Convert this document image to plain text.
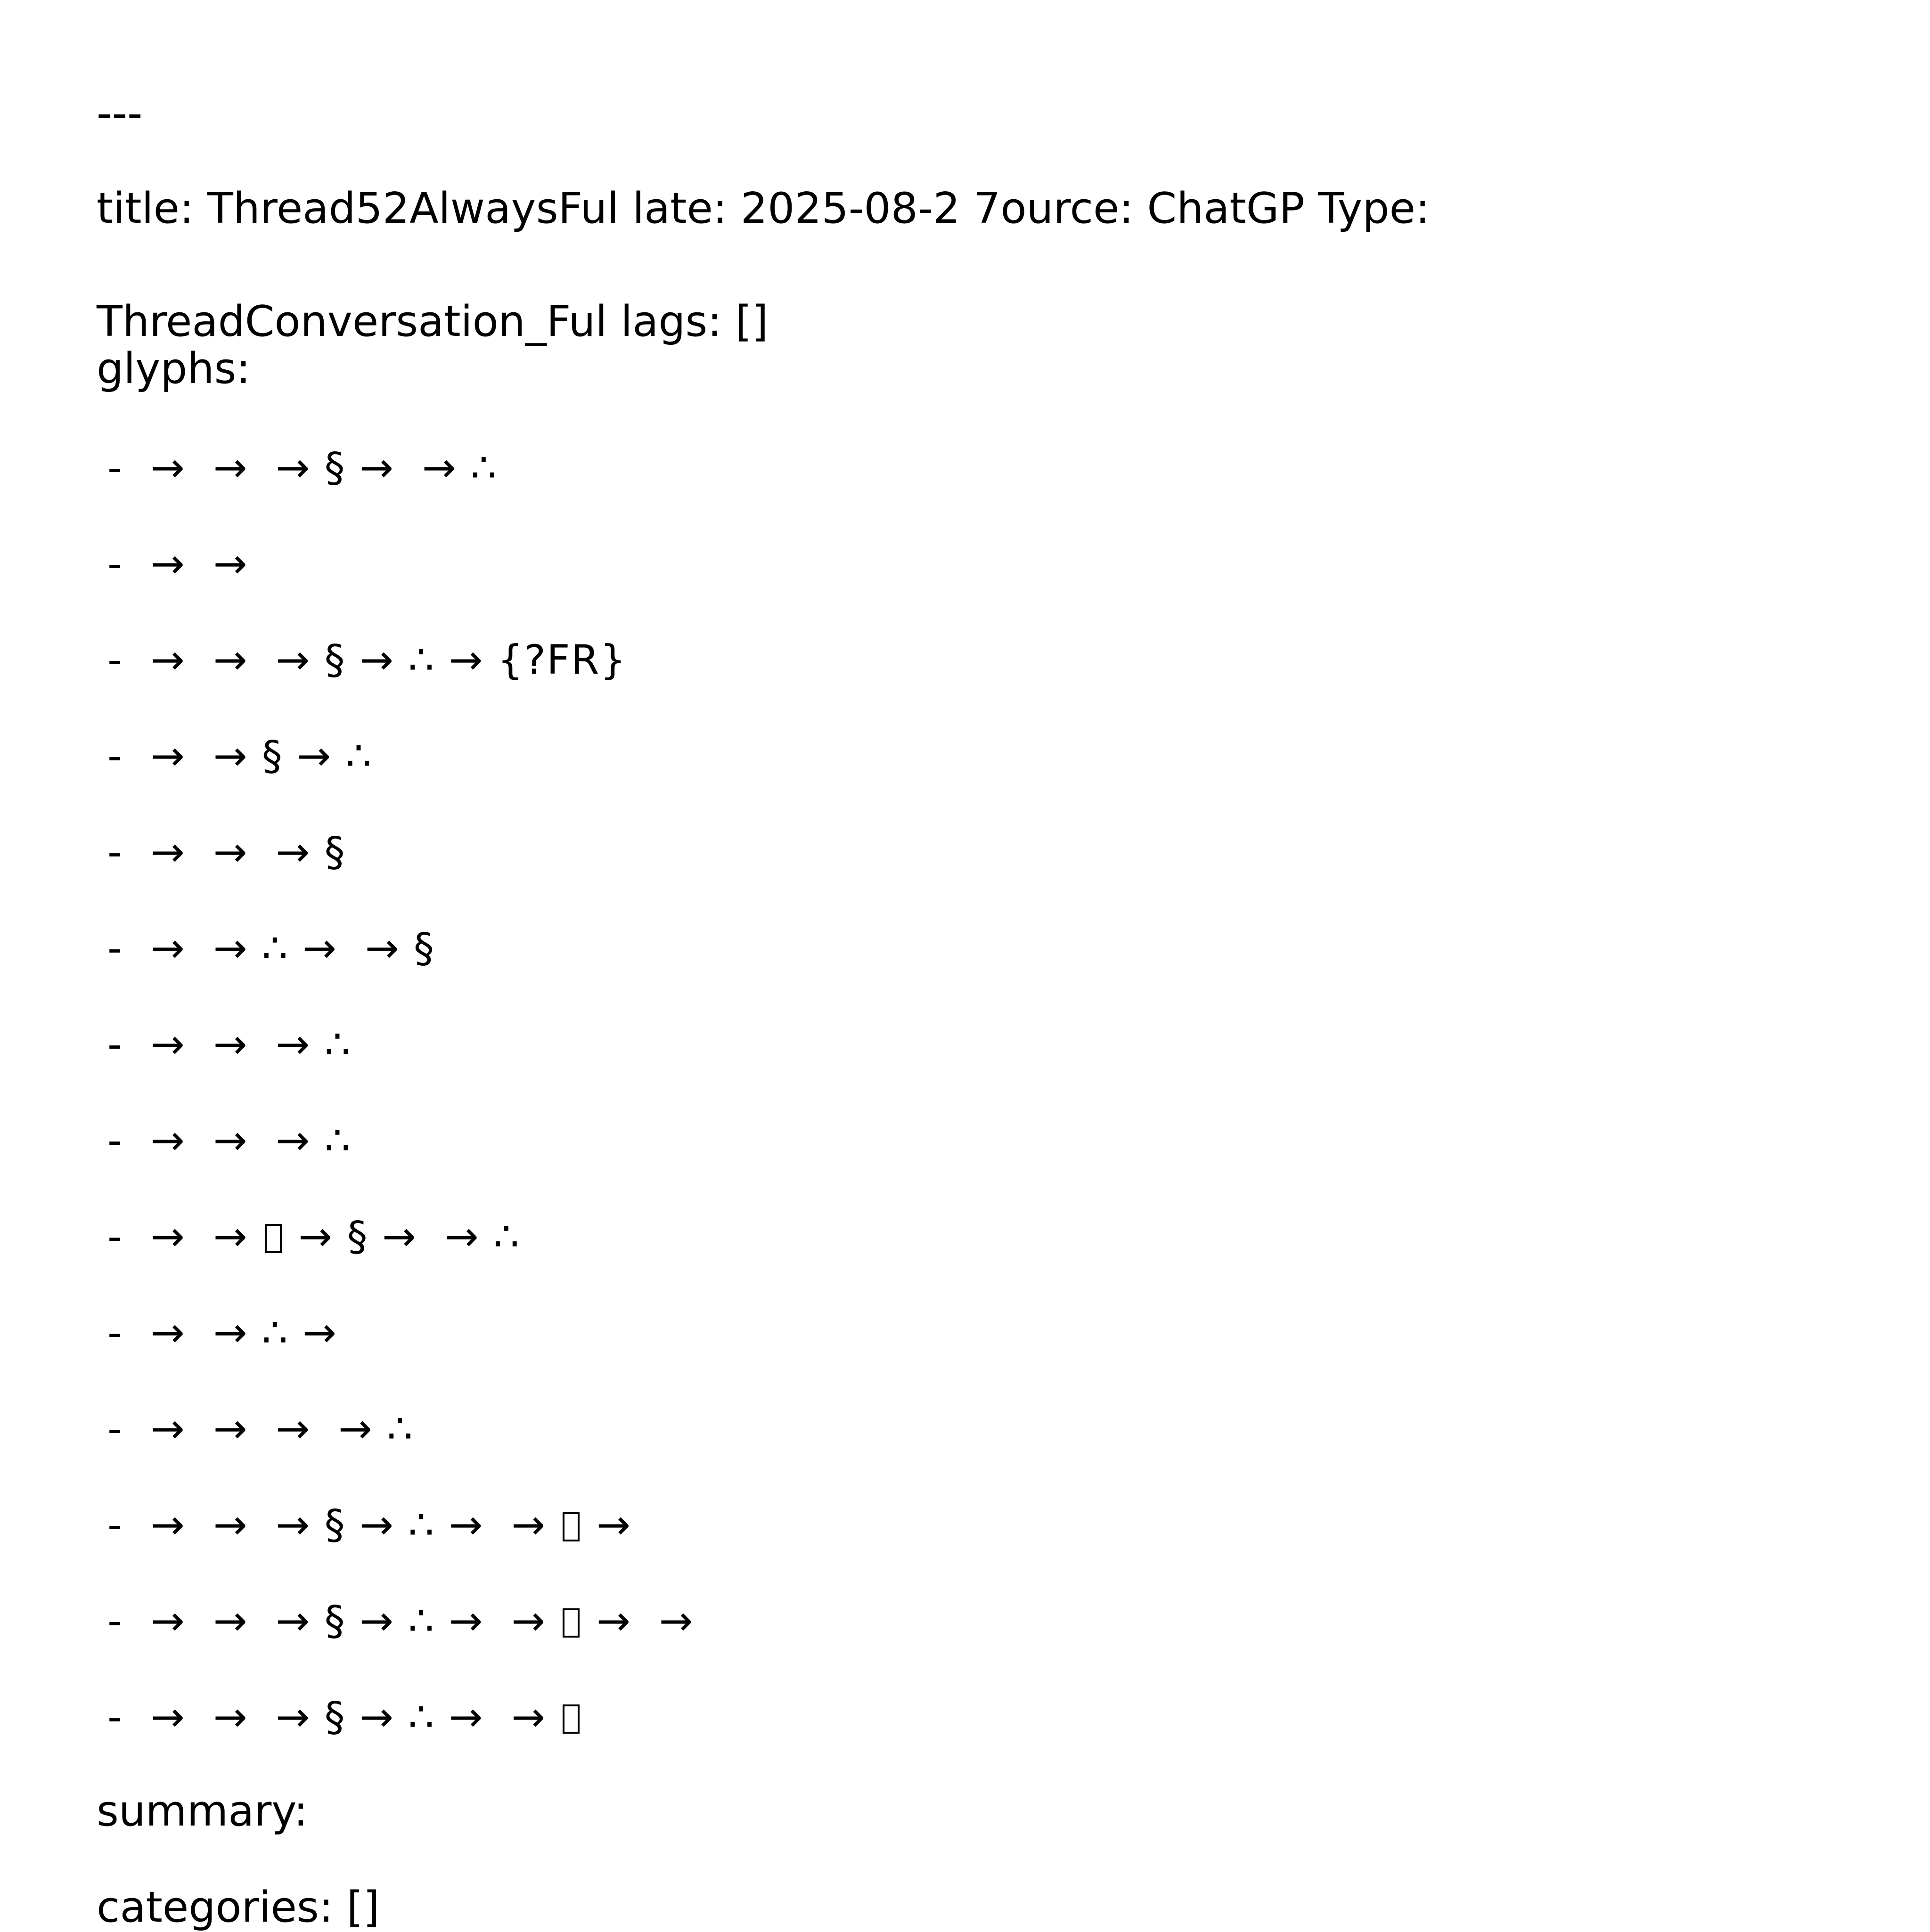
---

title: Thread52AlwaysFul late: 2025-08-2 7ource: ChatGP Type:

ThreadConversation_Ful lags: []

glyphs:

-  →  →  → § →  → ∴

-  →  →

-  →  →  → § → ∴ → {?FR}

-  →  → § → ∴

-  →  →  → §

-  →  → ∴ →  → §

-  →  →  → ∴

-  →  →  → ∴

-  →  →  → § →  → ∴

-  →  → ∴ →

-  →  →  →  → ∴

-  →  →  → § → ∴ →  →  →

-  →  →  → § → ∴ →  →  →  →

-  →  →  → § → ∴ →  →

summary:

categories: []
